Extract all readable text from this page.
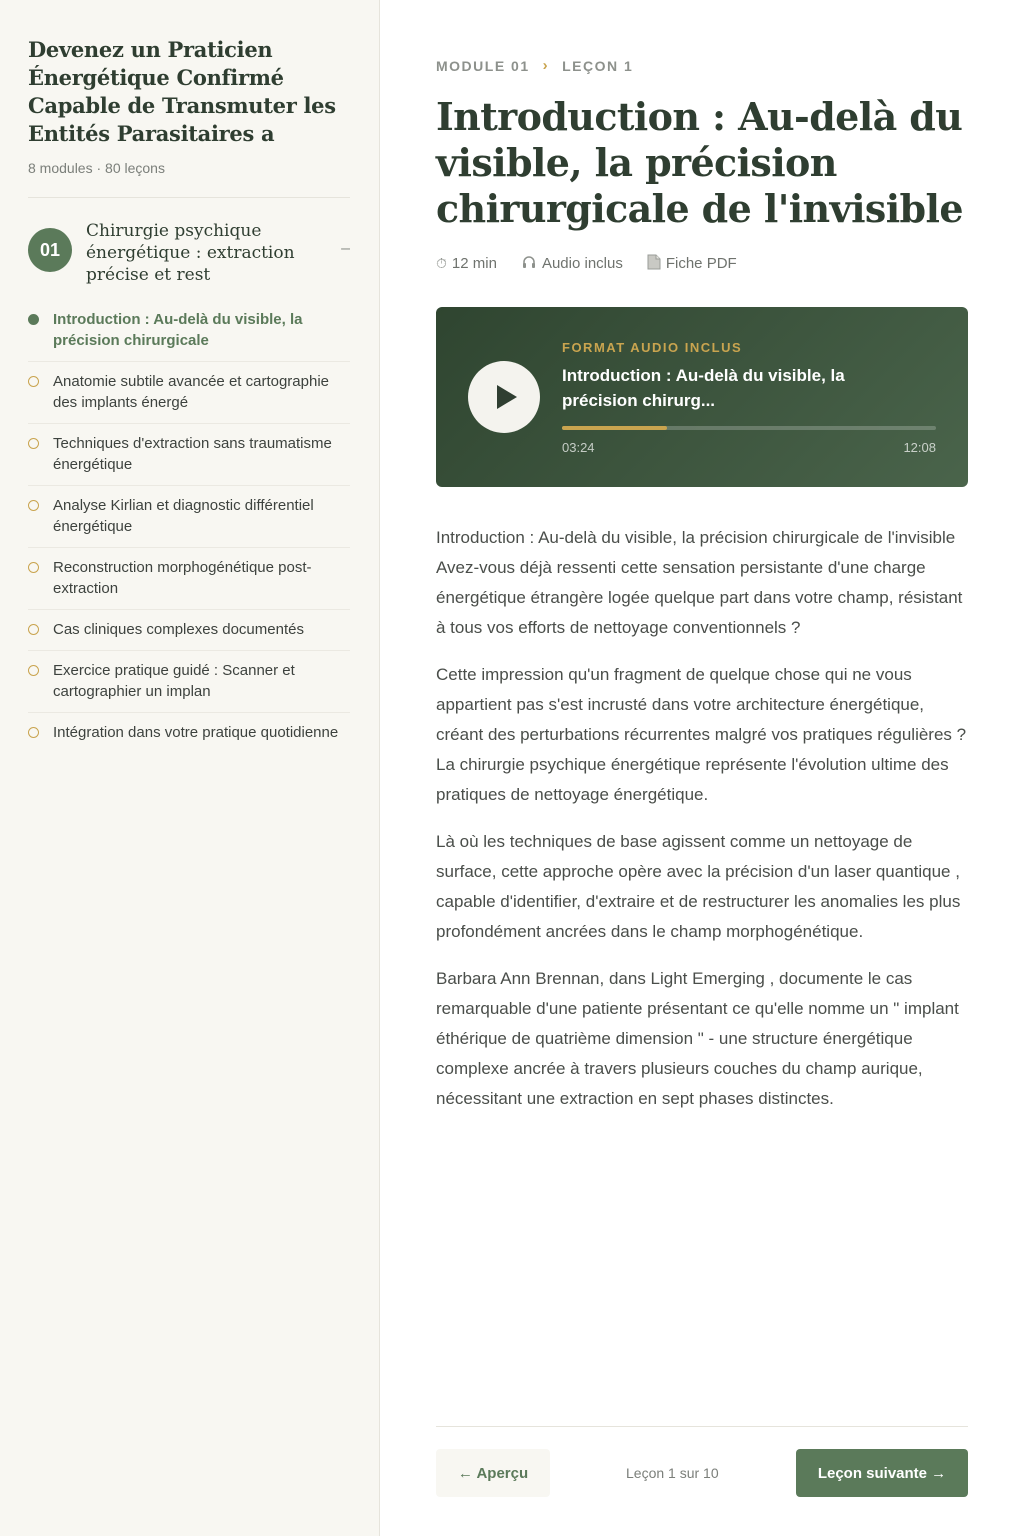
Devenez un Praticien Énergétique Confirmé Capable de Transmuter les Entités Parasitaires a
8 modules · 80 leçons
01
Chirurgie psychique énergétique : extraction précise et rest
–
Introduction : Au-delà du visible, la précision chirurgicale
Anatomie subtile avancée et cartographie des implants énergé
Techniques d'extraction sans traumatisme énergétique
Analyse Kirlian et diagnostic différentiel énergétique
Reconstruction morphogénétique post-extraction
Cas cliniques complexes documentés
Exercice pratique guidé : Scanner et cartographier un implan
Intégration dans votre pratique quotidienne
MODULE 01 › LEÇON 1
Introduction : Au-delà du visible, la précision chirurgicale de l'invisible
⏱ 12 min	Audio inclus	Fiche PDF
FORMAT AUDIO INCLUS
Introduction : Au-delà du visible, la précision chirurg...
03:24	12:08

Introduction : Au-delà du visible, la précision chirurgicale de l'invisible Avez-vous déjà ressenti cette sensation persistante d'une charge énergétique étrangère logée quelque part dans votre champ, résistant à tous vos efforts de nettoyage conventionnels ?

Cette impression qu'un fragment de quelque chose qui ne vous appartient pas s'est incrusté dans votre architecture énergétique, créant des perturbations récurrentes malgré vos pratiques régulières ? La chirurgie psychique énergétique représente l'évolution ultime des pratiques de nettoyage énergétique.

Là où les techniques de base agissent comme un nettoyage de surface, cette approche opère avec la précision d'un laser quantique , capable d'identifier, d'extraire et de restructurer les anomalies les plus profondément ancrées dans le champ morphogénétique.

Barbara Ann Brennan, dans Light Emerging , documente le cas remarquable d'une patiente présentant ce qu'elle nomme un " implant éthérique de quatrième dimension " - une structure énergétique complexe ancrée à travers plusieurs couches du champ aurique, nécessitant une extraction en sept phases distinctes.

← Aperçu	Leçon 1 sur 10	Leçon suivante →
